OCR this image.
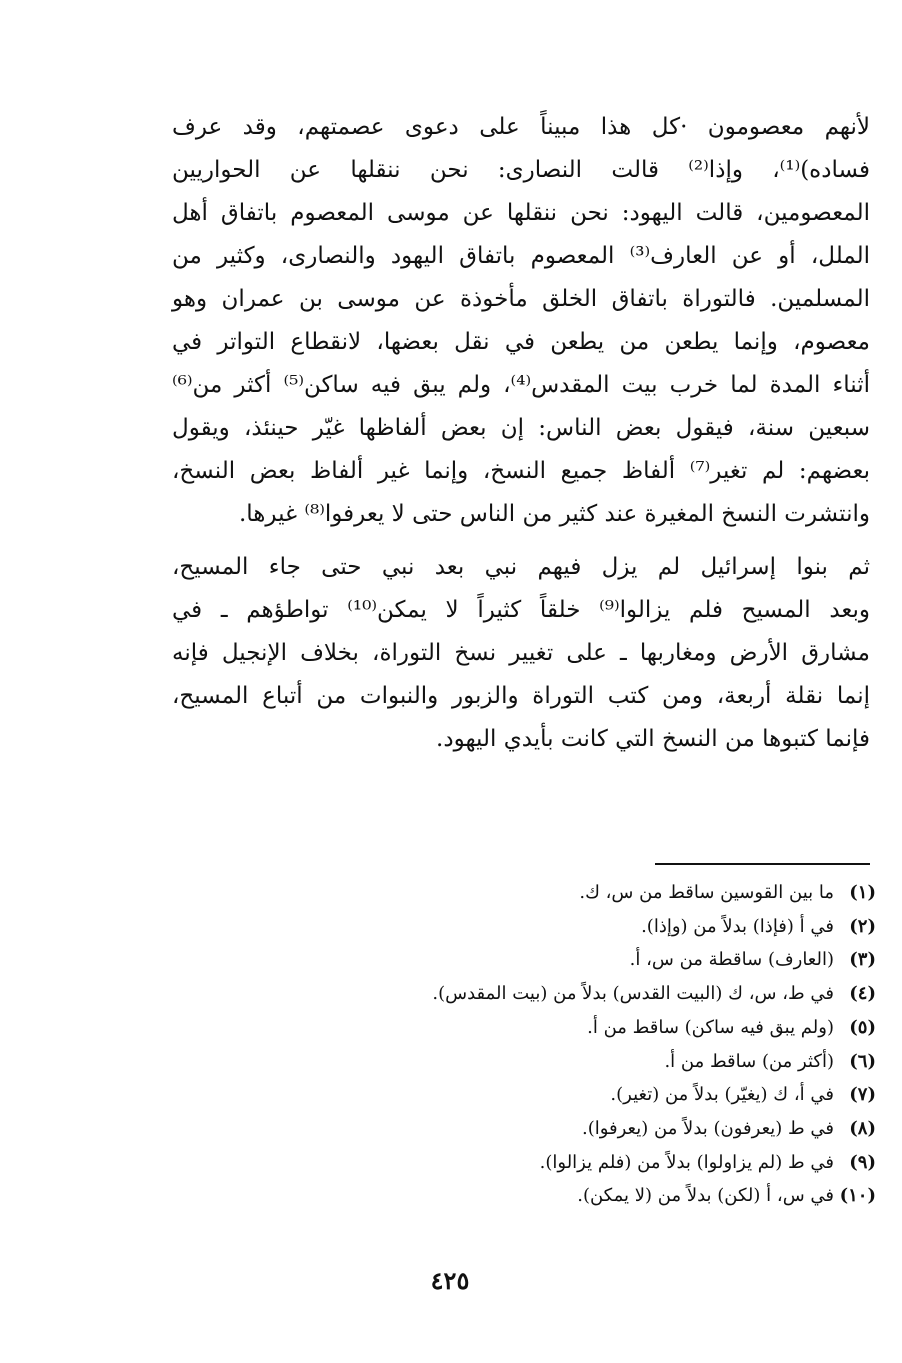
لأنهم معصومون ·كل هذا مبيناً على دعوى عصمتهم، وقد عرف
فساده)⁽¹⁾، وإذا⁽²⁾ قالت النصارى: نحن ننقلها عن الحواريين
المعصومين، قالت اليهود: نحن ننقلها عن موسى المعصوم باتفاق أهل
الملل، أو عن العارف⁽³⁾ المعصوم باتفاق اليهود والنصارى، وكثير من
المسلمين. فالتوراة باتفاق الخلق مأخوذة عن موسى بن عمران وهو
معصوم، وإنما يطعن من يطعن في نقل بعضها، لانقطاع التواتر في
أثناء المدة لما خرب بيت المقدس⁽⁴⁾، ولم يبق فيه ساكن⁽⁵⁾ أكثر من⁽⁶⁾
سبعين سنة، فيقول بعض الناس: إن بعض ألفاظها غيّر حينئذ، ويقول
بعضهم: لم تغير⁽⁷⁾ ألفاظ جميع النسخ، وإنما غير ألفاظ بعض النسخ،
وانتشرت النسخ المغيرة عند كثير من الناس حتى لا يعرفوا⁽⁸⁾ غيرها.

ثم بنوا إسرائيل لم يزل فيهم نبي بعد نبي حتى جاء المسيح،
وبعد المسيح فلم يزالوا⁽⁹⁾ خلقاً كثيراً لا يمكن⁽¹⁰⁾ تواطؤهم ـ في
مشارق الأرض ومغاربها ـ على تغيير نسخ التوراة، بخلاف الإنجيل فإنه
إنما نقلة أربعة، ومن كتب التوراة والزبور والنبوات من أتباع المسيح،
فإنما كتبوها من النسخ التي كانت بأيدي اليهود.

(١)ما بين القوسين ساقط من س، ك.
(٢)في أ (فإذا) بدلاً من (وإذا).
(٣)(العارف) ساقطة من س، أ.
(٤)في ط، س، ك (البيت القدس) بدلاً من (بيت المقدس).
(٥)(ولم يبق فيه ساكن) ساقط من أ.
(٦)(أكثر من) ساقط من أ.
(٧)في أ، ك (يغيّر) بدلاً من (تغير).
(٨)في ط (يعرفون) بدلاً من (يعرفوا).
(٩)في ط (لم يزاولوا) بدلاً من (فلم يزالوا).
(١٠)في س، أ (لكن) بدلاً من (لا يمكن).
٤٢٥
